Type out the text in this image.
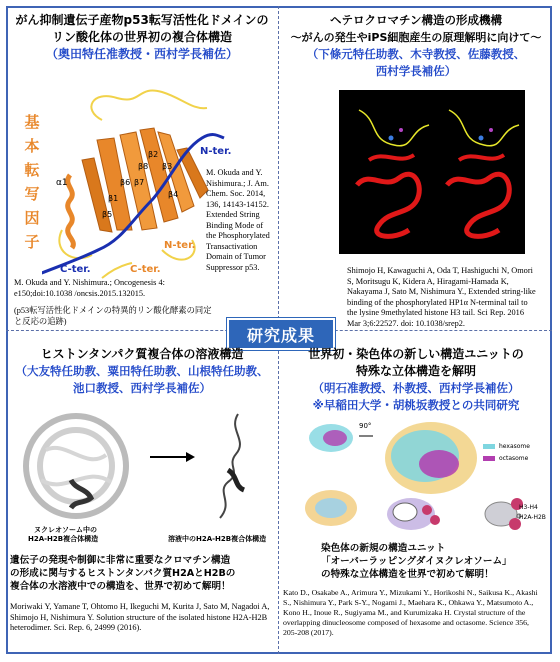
がん抑制遺伝子産物p53転写活性化ドメインの
リン酸化体の世界初の複合体構造
（奥田特任准教授・西村学長補佐）
基
本
転
写
因
子
N-ter.
N-ter.
C-ter.	C-ter.
α1
β2
β3
β8
β6 β7
β4
β1
β5
M. Okuda and Y. Nishimura.; J. Am. Chem. Soc. 2014, 136, 14143-14152. Extended String Binding Mode of the Phosphorylated Transactivation Domain of Tumor Suppressor p53.
M. Okuda and Y. Nishimura.; Oncogenesis 4: e150;doi:10.1038 /oncsis.2015.132015.
(p53転写活性化ドメインの特異的リン酸化酵素の同定と反応の追跡)
ヘテロクロマチン構造の形成機構
～がんの発生やiPS細胞産生の原理解明に向けて～
（下條元特任助教、木寺教授、佐藤教授、
西村学長補佐）
Shimojo H, Kawaguchi A, Oda T, Hashiguchi N, Omori S, Moritsugu K, Kidera A, Hiragami-Hamada K, Nakayama J, Sato M, Nishimura Y., Extended string-like binding of the phosphorylated HP1α N-terminal tail to the lysine 9methylated histone H3 tail. Sci Rep. 2016 Mar 3;6:22527. doi: 10.1038/srep2.
研究成果
ヒストンタンパク質複合体の溶液構造
（大友特任助教、粟田特任助教、山根特任助教、
池口教授、西村学長補佐）
ヌクレオソーム中の
H2A-H2B複合体構造	溶液中のH2A-H2B複合体構造
遺伝子の発現や制御に非常に重要なクロマチン構造
の形成に関与するヒストンタンパク質H2AとH2Bの
複合体の水溶液中での構造を、世界で初めて解明！
Moriwaki Y, Yamane T, Ohtomo H, Ikeguchi M, Kurita J, Sato M, Nagadoi A, Shimojo H, Nishimura Y. Solution structure of the isolated histone H2A-H2B heterodimer. Sci. Rep. 6, 24999 (2016).
世界初・染色体の新しい構造ユニットの
特殊な立体構造を解明
（明石准教授、朴教授、西村学長補佐）
※早稲田大学・胡桃坂教授との共同研究
90°
hexasome
octasome
H3-H4
H2A-H2B
染色体の新規の構造ユニット
「オーバーラッピングダイヌクレオソーム」
の特殊な立体構造を世界で初めて解明！
Kato D., Osakabe A., Arimura Y., Mizukami Y., Horikoshi N., Saikusa K., Akashi S., Nishimura Y., Park S-Y., Nogami J., Maehara K., Ohkawa Y., Matsumoto A., Kono H., Inoue R., Sugiyama M., and Kurumizaka H. Crystal structure of the overlapping dinucleosome composed of hexasome and octasome. Science 356, 205-208 (2017).
